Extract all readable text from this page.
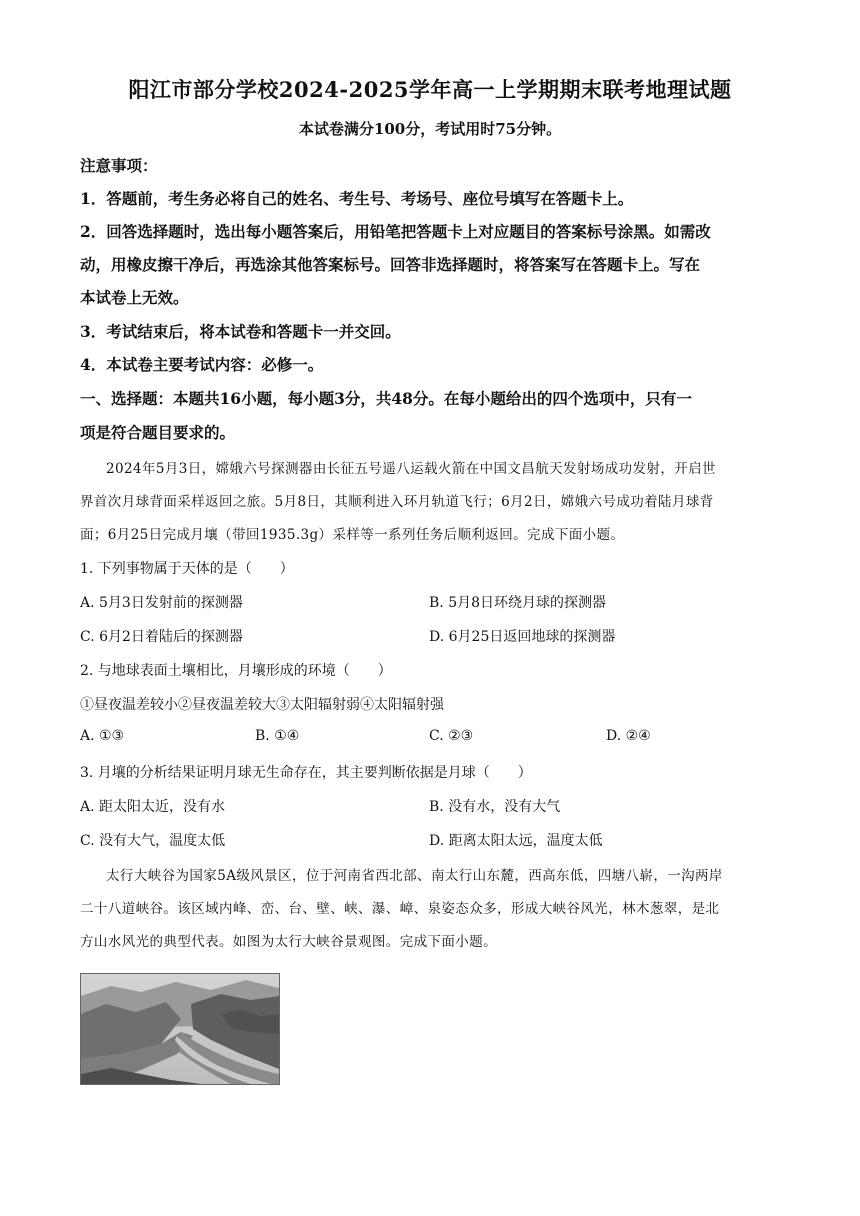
阳江市部分学校2024-2025学年高一上学期期末联考地理试题
本试卷满分100分，考试用时75分钟。
注意事项：
1．答题前，考生务必将自己的姓名、考生号、考场号、座位号填写在答题卡上。
2．回答选择题时，选出每小题答案后，用铅笔把答题卡上对应题目的答案标号涂黑。如需改
动，用橡皮擦干净后，再选涂其他答案标号。回答非选择题时，将答案写在答题卡上。写在
本试卷上无效。
3．考试结束后，将本试卷和答题卡一并交回。
4．本试卷主要考试内容：必修一。
一、选择题：本题共16小题，每小题3分，共48分。在每小题给出的四个选项中，只有一
项是符合题目要求的。
2024年5月3日，嫦娥六号探测器由长征五号遥八运载火箭在中国文昌航天发射场成功发射，开启世
界首次月球背面采样返回之旅。5月8日，其顺利进入环月轨道飞行；6月2日，嫦娥六号成功着陆月球背
面；6月25日完成月壤（带回1935.3g）采样等一系列任务后顺利返回。完成下面小题。
1. 下列事物属于天体的是（　　）
A. 5月3日发射前的探测器	B. 5月8日环绕月球的探测器
C. 6月2日着陆后的探测器	D. 6月25日返回地球的探测器
2. 与地球表面土壤相比，月壤形成的环境（　　）
①昼夜温差较小②昼夜温差较大③太阳辐射弱④太阳辐射强
A. ①③	B. ①④	C. ②③	D. ②④
3. 月壤的分析结果证明月球无生命存在，其主要判断依据是月球（　　）
A. 距太阳太近，没有水	B. 没有水，没有大气
C. 没有大气，温度太低	D. 距离太阳太远，温度太低
太行大峡谷为国家5A级风景区，位于河南省西北部、南太行山东麓，西高东低，四塘八崭，一沟两岸
二十八道峡谷。该区域内峰、峦、台、壁、峡、瀑、嶂、泉姿态众多，形成大峡谷风光，林木葱翠，是北
方山水风光的典型代表。如图为太行大峡谷景观图。完成下面小题。
